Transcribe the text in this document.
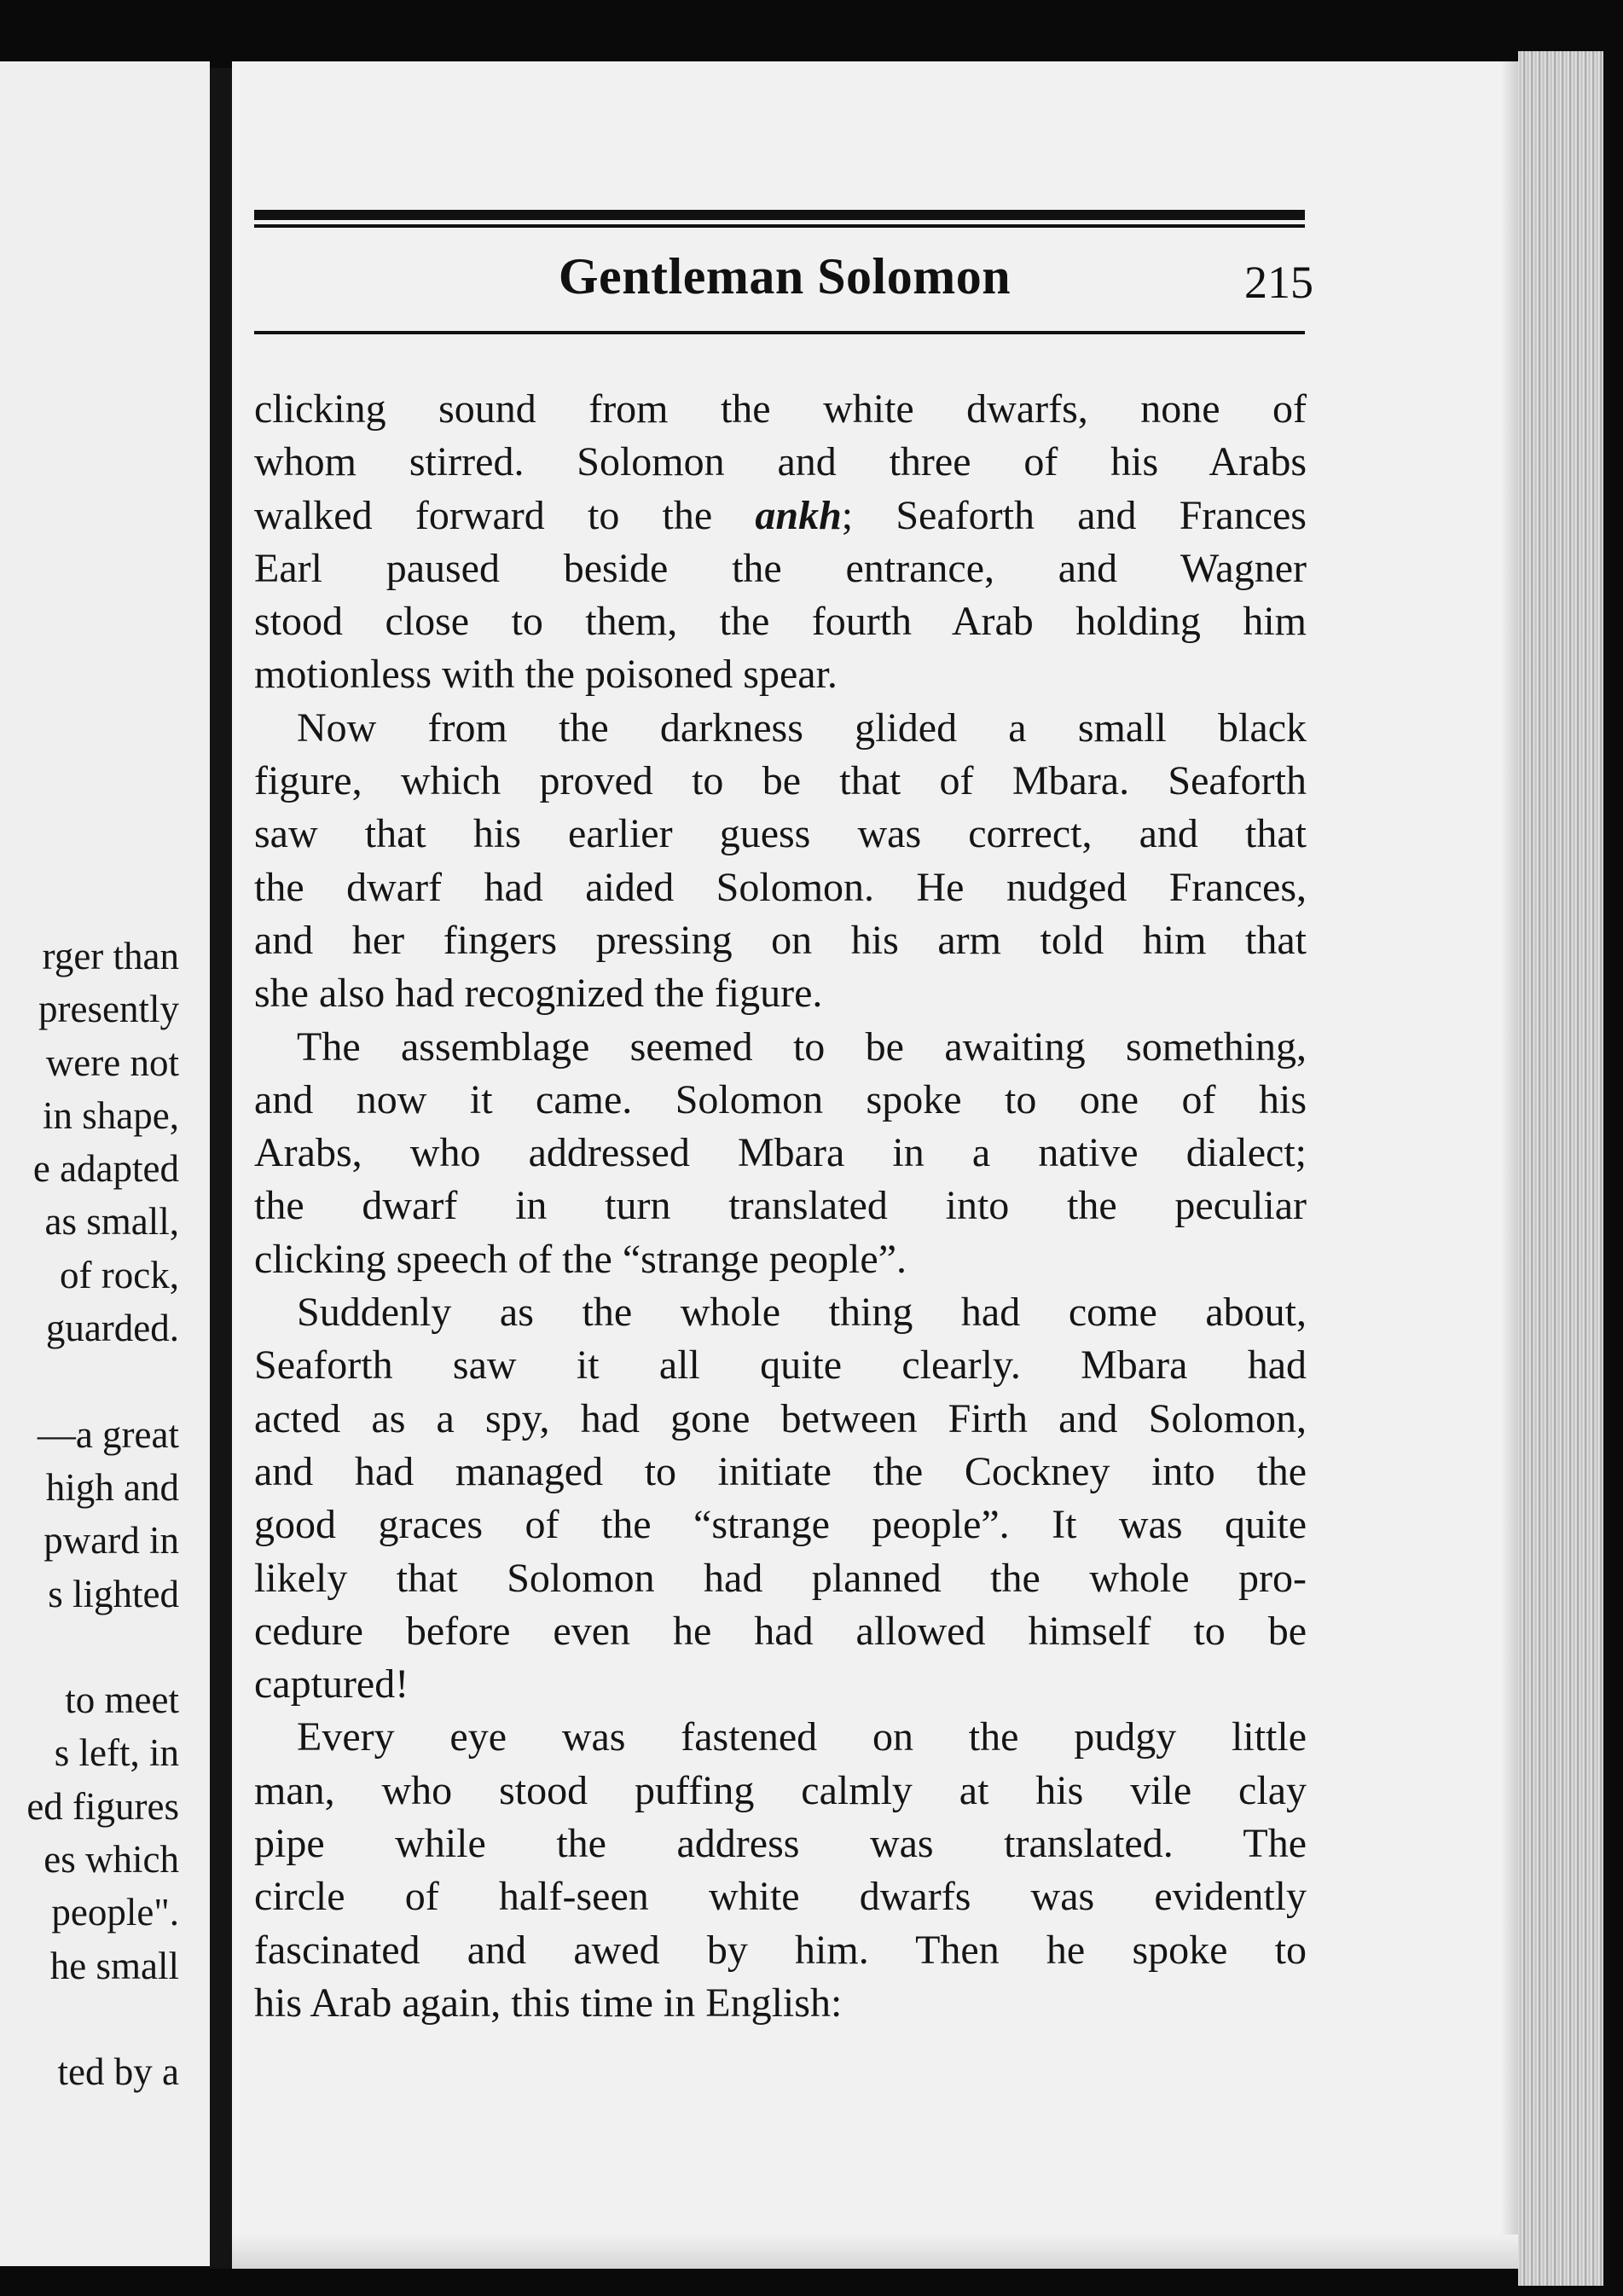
rger than
presently
were not
in shape,
e adapted
as small,
of rock,
guarded.
—a great
high and
pward in
s lighted
to meet
s left, in
ed figures
es which
people".
he small
ted by a
Gentleman Solomon	215
clicking sound from the white dwarfs, none of
whom stirred. Solomon and three of his Arabs
walked forward to the ankh; Seaforth and Frances
Earl paused beside the entrance, and Wagner
stood close to them, the fourth Arab holding him
motionless with the poisoned spear.
Now from the darkness glided a small black
figure, which proved to be that of Mbara. Seaforth
saw that his earlier guess was correct, and that
the dwarf had aided Solomon. He nudged Frances,
and her fingers pressing on his arm told him that
she also had recognized the figure.
The assemblage seemed to be awaiting something,
and now it came. Solomon spoke to one of his
Arabs, who addressed Mbara in a native dialect;
the dwarf in turn translated into the peculiar
clicking speech of the “strange people”.
Suddenly as the whole thing had come about,
Seaforth saw it all quite clearly. Mbara had
acted as a spy, had gone between Firth and Solomon,
and had managed to initiate the Cockney into the
good graces of the “strange people”. It was quite
likely that Solomon had planned the whole pro-
cedure before even he had allowed himself to be
captured!
Every eye was fastened on the pudgy little
man, who stood puffing calmly at his vile clay
pipe while the address was translated. The
circle of half-seen white dwarfs was evidently
fascinated and awed by him. Then he spoke to
his Arab again, this time in English:
